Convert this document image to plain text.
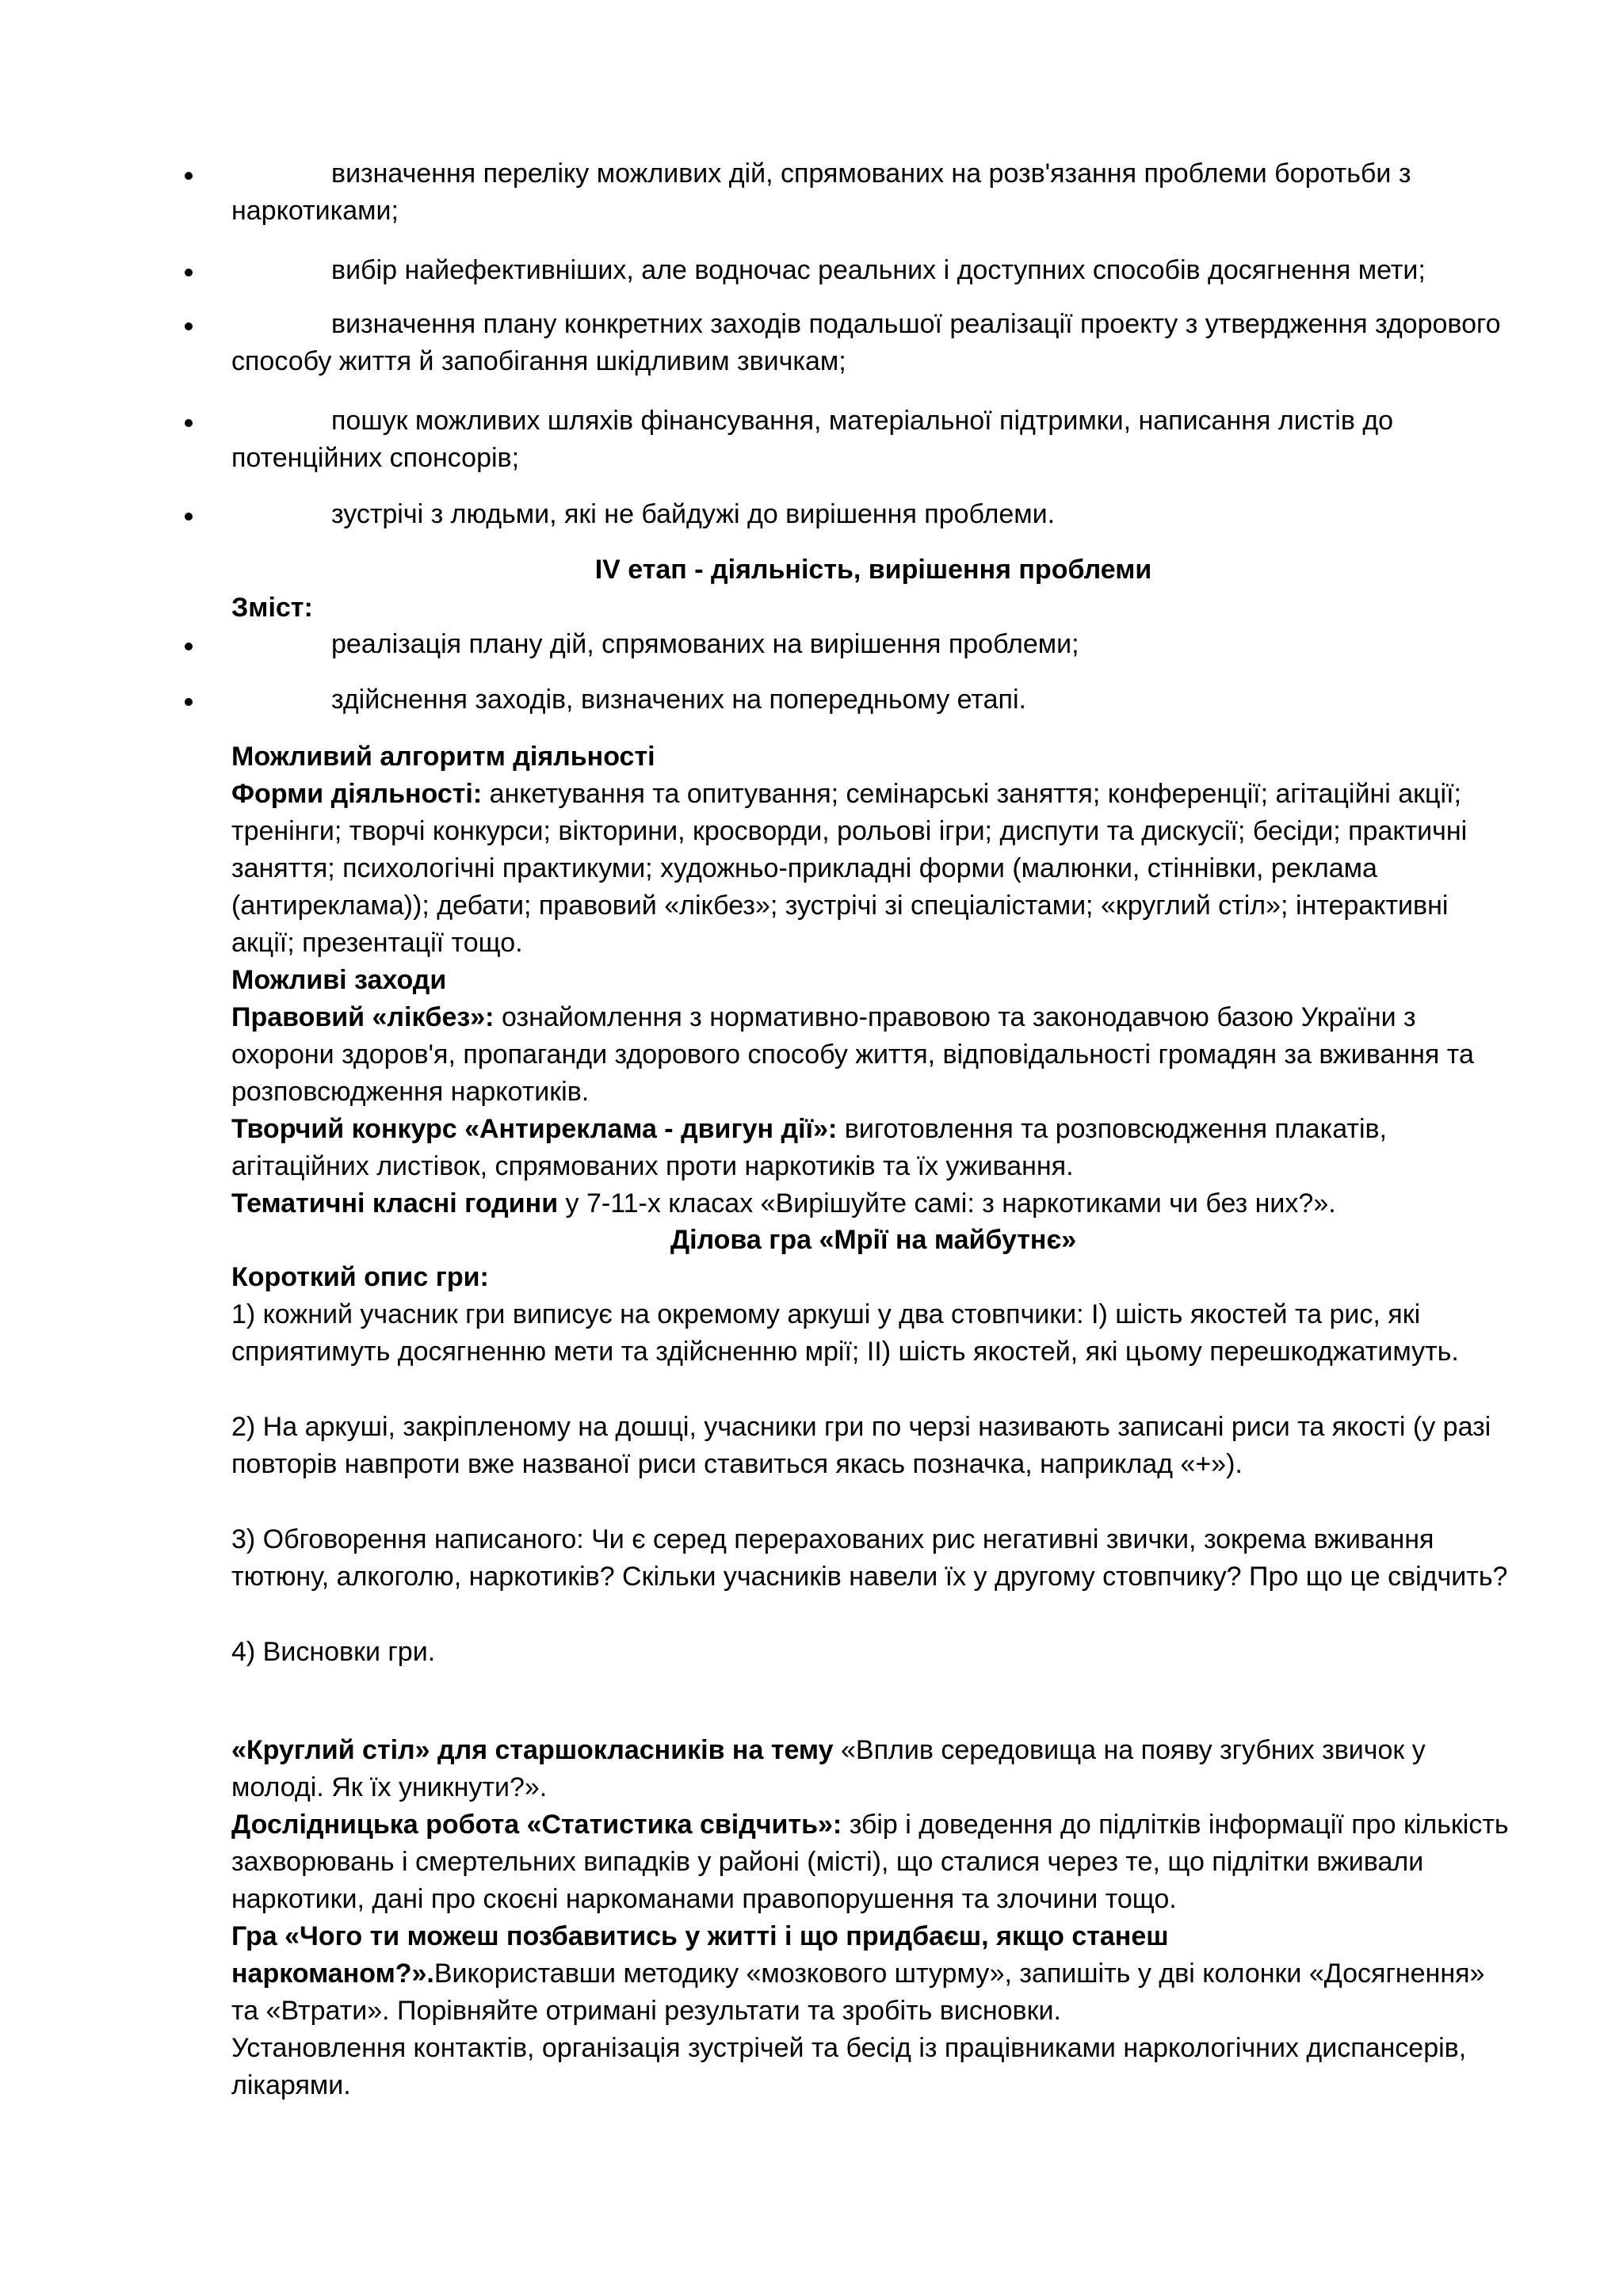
визначення переліку можливих дій, спрямованих на розв'язання проблеми боротьби з наркотиками;

вибір найефективніших, але водночас реальних і доступних способів досягнення мети;

визначення плану конкретних заходів подальшої реалізації проекту з утвердження здорового способу життя й запобігання шкідливим звичкам;

пошук можливих шляхів фінансування, матеріальної підтримки, написання листів до потенційних спонсорів;

зустрічі з людьми, які не байдужі до вирішення проблеми.

IV етап - діяльність, вирішення проблеми
Зміст:

реалізація плану дій, спрямованих на вирішення проблеми;

здійснення заходів, визначених на попередньому етапі.

Можливий алгоритм діяльності

Форми діяльності: анкетування та опитування; семінарські заняття; конференції; агітаційні акції; тренінги; творчі конкурси; вікторини, кросворди, рольові ігри; диспути та дискусії; бесіди; практичні заняття; психологічні практикуми; художньо-прикладні форми (малюнки, стіннівки, реклама (антиреклама)); дебати; правовий «лікбез»; зустрічі зі спеціалістами; «круглий стіл»; інтерактивні акції; презентації тощо.

Можливі заходи

Правовий «лікбез»: ознайомлення з нормативно-правовою та законодавчою базою України з охорони здоров'я, пропаганди здорового способу життя, відповідальності громадян за вживання та розповсюдження наркотиків.

Творчий конкурс «Антиреклама - двигун дії»: виготовлення та розповсюдження плакатів, агітаційних листівок, спрямованих проти наркотиків та їх уживання.

Тематичні класні години у 7-11-х класах «Вирішуйте самі: з наркотиками чи без них?».

Ділова гра «Мрії на майбутнє»

Короткий опис гри:

1) кожний учасник гри виписує на окремому аркуші у два стовпчики: І) шість якостей та рис, які сприятимуть досягненню мети та здійсненню мрії; ІІ) шість якостей, які цьому перешкоджатимуть.

2) На аркуші, закріпленому на дошці, учасники гри по черзі називають записані риси та якості (у разі повторів навпроти вже названої риси ставиться якась позначка, наприклад «+»).

3) Обговорення написаного: Чи є серед перерахованих рис негативні звички, зокрема вживання тютюну, алкоголю, наркотиків? Скільки учасників навели їх у другому стовпчику? Про що це свідчить?

4) Висновки гри.

«Круглий стіл» для старшокласників на тему «Вплив середовища на появу згубних звичок у молоді. Як їх уникнути?».

Дослідницька робота «Статистика свідчить»: збір і доведення до підлітків інформації про кількість захворювань і смертельних випадків у районі (місті), що сталися через те, що підлітки вживали наркотики, дані про скоєні наркоманами правопорушення та злочини тощо.

Гра «Чого ти можеш позбавитись у житті і що придбаєш, якщо станеш наркоманом?».Використавши методику «мозкового штурму», запишіть у дві колонки «Досягнення» та «Втрати». Порівняйте отримані результати та зробіть висновки.

Установлення контактів, організація зустрічей та бесід із працівниками наркологічних диспансерів, лікарями.
